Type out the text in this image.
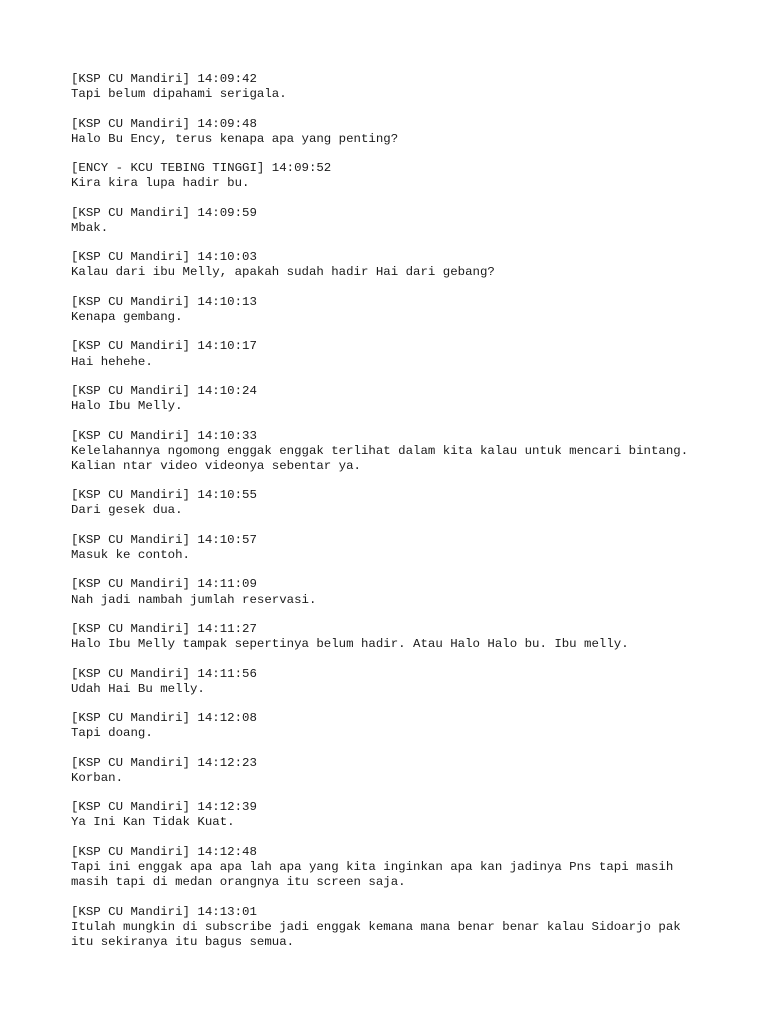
[KSP CU Mandiri] 14:09:42
Tapi belum dipahami serigala.
[KSP CU Mandiri] 14:09:48
Halo Bu Ency, terus kenapa apa yang penting?
[ENCY - KCU TEBING TINGGI] 14:09:52
Kira kira lupa hadir bu.
[KSP CU Mandiri] 14:09:59
Mbak.
[KSP CU Mandiri] 14:10:03
Kalau dari ibu Melly, apakah sudah hadir Hai dari gebang?
[KSP CU Mandiri] 14:10:13
Kenapa gembang.
[KSP CU Mandiri] 14:10:17
Hai hehehe.
[KSP CU Mandiri] 14:10:24
Halo Ibu Melly.
[KSP CU Mandiri] 14:10:33
Kelelahannya ngomong enggak enggak terlihat dalam kita kalau untuk mencari bintang.
Kalian ntar video videonya sebentar ya.
[KSP CU Mandiri] 14:10:55
Dari gesek dua.
[KSP CU Mandiri] 14:10:57
Masuk ke contoh.
[KSP CU Mandiri] 14:11:09
Nah jadi nambah jumlah reservasi.
[KSP CU Mandiri] 14:11:27
Halo Ibu Melly tampak sepertinya belum hadir. Atau Halo Halo bu. Ibu melly.
[KSP CU Mandiri] 14:11:56
Udah Hai Bu melly.
[KSP CU Mandiri] 14:12:08
Tapi doang.
[KSP CU Mandiri] 14:12:23
Korban.
[KSP CU Mandiri] 14:12:39
Ya Ini Kan Tidak Kuat.
[KSP CU Mandiri] 14:12:48
Tapi ini enggak apa apa lah apa yang kita inginkan apa kan jadinya Pns tapi masih
masih tapi di medan orangnya itu screen saja.
[KSP CU Mandiri] 14:13:01
Itulah mungkin di subscribe jadi enggak kemana mana benar benar kalau Sidoarjo pak
itu sekiranya itu bagus semua.
